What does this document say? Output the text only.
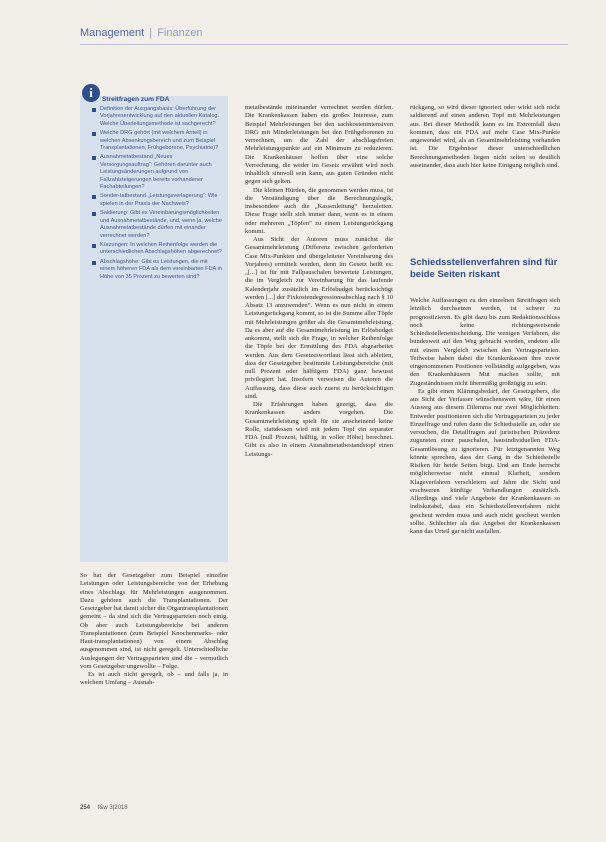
Management | Finanzen
i	Streitfragen zum FDA
Definition der Ausgangsbasis: Überführung der Vorjahresentwicklung auf den aktuellen Katalog. Welche Überleitungsmethode ist sachgerecht?
Welche DRG gehört (mit welchem Anteil) in welchen Absenkungsbereich und zum Beispiel Transplantationen, Frühgeborene, Psychiatrie)?
Ausnahmetatbestand „Neues Versorgungsauftrag“: Gehören darunter auch Leistungsänderungen aufgrund von Fallzahlsteigerungen bereits vorhandener Fachabteilungen?
Sonder-tatbestand „Leistungsverlagerung“: Wie spielen in der Praxis der Nachweis?
Saldierung: Gibt es Vereinbarungsmöglichkeiten und Ausnahmetatbestände, und, wenn ja, welche Ausnahmetatbestände dürfen mit einander verrechnet werden?
Kürzungen: In welchen Reihenfolge werden die unterschiedlichen Abschlagshöhen abgerechnet?
Abschlagshöhe: Gibt es Leistungen, die mit einem höheren FDA als dem vereinbarten FDA in Höhe von 35 Prozent zu bewerten sind?

So hat der Gesetzgeber zum Beispiel einzelne Leistungen oder Leistungsbereiche von der Erhebung eines Abschlags für Mehrleistungen ausgenommen. Dazu gehören auch die Transplantationen. Der Gesetzgeber hat damit sicher die Organtransplantationen gemeint – da sind sich die Vertragsparteien noch einig. Ob aber auch Leistungsbereiche bei anderen Transplantationen (zum Beispiel Knochenmarks- oder Haut-transplantationen) von einem Abschlag ausgenommen sind, ist nicht geregelt. Unterschiedliche Auslegungen der Vertragsparteien sind die – vermutlich vom Gesetzgeber ungewollte – Folge.

Es ist auch nicht geregelt, ob – und falls ja, in welchem Umfang – Ausnah-

metatbestände miteinander verrechnet werden dürfen. Die Krankenkassen haben ein großes Interesse, zum Beispiel Mehrleistungen bei den sachkostenintensiven DRG mit Minderleistungen bei den Frühgeborenen zu verrechnen, um die Zahl der abschlagsfreien Mehrleistungspunkte auf ein Minimum zu reduzieren. Die Krankenhäuser hoffen über eine solche Verrechnung, die weder im Gesetz erwähnt wird noch inhaltlich sinnvoll sein kann, aus guten Gründen nicht gegen sich gelten.

Die kleinen Hürden, die genommen werden muss, ist die Verständigung über die Berechnungslogik, insbesondere auch die „Kassenleitung“ herzuleiten. Diese Frage stellt sich immer dann, wenn es in einem oder mehreren „Töpfen“ zu einem Leistungsrückgang kommt.

Aus Sicht der Autoren muss zunächst die Gesamtmehrleistung (Differenz zwischen geforderten Case Mix-Punkten und übergeleiteter Vereinbarung des Vorjahres) ermittelt werden, denn im Gesetz heißt es: „[...] ist für mit Fallpauschalen bewertete Leistungen, die im Vergleich zur Vereinbarung für das laufende Kalenderjahr zusätzlich im Erlösbudget berücksichtigt werden [...] der Fixkostendegressionsabschlag nach § 10 Absatz 13 anzuwenden“. Wenn es nun nicht in einem Leistungsrückgang kommt, so ist die Summe aller Töpfe mit Mehrleistungen größer als die Gesamtmehrleistung. Da es aber auf die Gesamtmehrleistung im Erlösbudget ankommt, stellt sich die Frage, in welcher Reihenfolge die Töpfe bei der Ermittlung des FDA abgearbeitet werden. Aus dem Gesetzeswortlaut lässt sich ableiten, dass der Gesetzgeber bestimmte Leistungsbereiche (mit null Prozent oder hälftigem FDA) ganz bewusst privilegiert hat. Insofern verweisen die Autoren die Auffassung, dass diese auch zuerst zu berücksichtigen sind.

Die Erfahrungen haben gezeigt, dass die Krankenkassen anders vorgehen. Die Gesamtmehrleistung spielt für sie anscheinend keine Rolle, stattdessen wird mit jedem Topf ein separater FDA (null Prozent, hälftig, in voller Höhe) berechnet. Gibt es also in einem Ausnahmetatbestandstopf einen Leistungs-

rückgang, so wird dieser ignoriert oder wirkt sich nicht saldierend auf einen anderen Topf mit Mehrleistungen aus. Bei dieser Methodik kann es im Extremfall dazu kommen, dass ein FDA auf mehr Case Mix-Punkte angewendet wird, als an Gesamtmehrleistung vorhanden ist. Die Ergebnisse dieser unterschiedlichen Berechnungsmethoden liegen nicht selten so deutlich auseinander, dass auch hier keine Einigung möglich sind.

Schiedsstellenverfahren sind für beide Seiten riskant

Welche Auffassungen zu den einzelnen Streitfragen sich letztlich durchsetzen werden, ist schwer zu prognostizieren. Es gibt dazu bis zum Redaktionsschluss noch keine richtungsweisende Schiedsstellenentscheidung. Die wenigen Verfahren, die bundesweit auf den Weg gebracht worden, endeten alle mit einem Vergleich zwischen den Vertragsparteien. Teilweise haben dabei die Krankenkassen ihre zuvor eingenommenen Positionen vollständig aufgegeben, was den Krankenhäusern Mut machen sollte, mit Zugeständnissen nicht übermäßig großzügig zu sein.

Es gibt einen Klärungsbedarf, der Gesetzgebers, die aus Sicht der Verfasser wünschenswert wäre, für einen Ausweg aus diesem Dilemma nur zwei Möglichkeiten: Entweder positionieren sich die Vertragsparteien zu jeder Einzelfrage und rufen dann die Schiedsstelle an, oder sie versuchen, die Detailfragen auf juristischen Präzedenz zugunsten einer pauschalen, hausindividuellen FDA-Gesamtlösung zu ignorieren. Für letztgenannten Weg könnte sprechen, dass der Gang in die Schiedsstelle Risiken für beide Seiten birgt. Und am Ende herrscht möglicherweise nicht einmal Klarheit, sondern Klageverfahren verschleiern auf Jahre die Sicht und erschweren künftige Verhandlungen zusätzlich. Allerdings sind viele Angebote der Krankenkassen so indiskutabel, dass ein Schiedsstellenverfahren nicht gescheut werden muss und auch nicht gescheut werden sollte. Schlechter als das Angebot der Krankenkassen kann das Urteil gar nicht ausfallen.

254 f&w 3|2018
